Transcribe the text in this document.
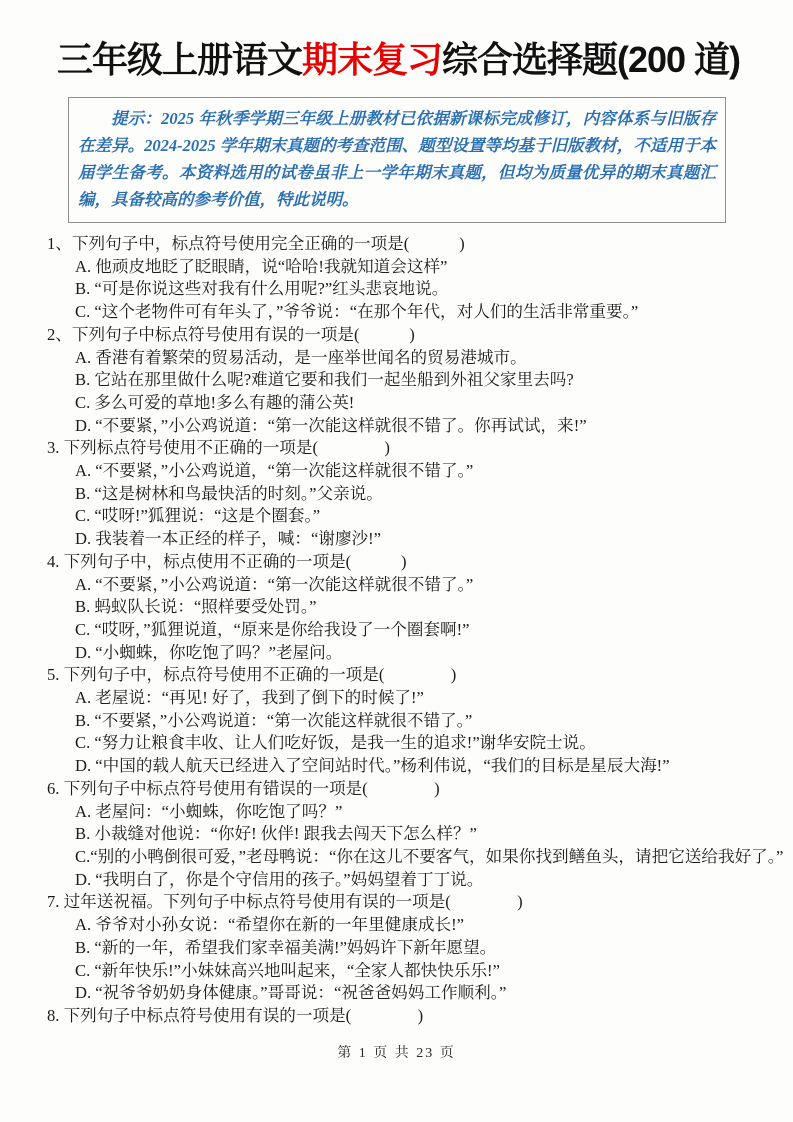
三年级上册语文期末复习综合选择题(200 道)

提示：2025 年秋季学期三年级上册教材已依据新课标完成修订，内容体系与旧版存在差异。2024-2025 学年期末真题的考查范围、题型设置等均基于旧版教材，不适用于本届学生备考。本资料选用的试卷虽非上一学年期末真题，但均为质量优异的期末真题汇编，具备较高的参考价值，特此说明。

1、下列句子中，标点符号使用完全正确的一项是(　　　)

A. 他顽皮地眨了眨眼睛，说“哈哈!我就知道会这样”

B. “可是你说这些对我有什么用呢?”红头悲哀地说。

C. “这个老物件可有年头了，”爷爷说：“在那个年代，对人们的生活非常重要。”

2、下列句子中标点符号使用有误的一项是(　　　)

A. 香港有着繁荣的贸易活动，是一座举世闻名的贸易港城市。

B. 它站在那里做什么呢?难道它要和我们一起坐船到外祖父家里去吗?

C. 多么可爱的草地!多么有趣的蒲公英!

D. “不要紧，”小公鸡说道：“第一次能这样就很不错了。你再试试，来!”

3. 下列标点符号使用不正确的一项是(　　　　)

A. “不要紧，”小公鸡说道，“第一次能这样就很不错了。”

B. “这是树林和鸟最快活的时刻。”父亲说。

C. “哎呀!”狐狸说：“这是个圈套。”

D. 我装着一本正经的样子，喊：“谢廖沙!”

4. 下列句子中，标点使用不正确的一项是(　　　)

A. “不要紧，”小公鸡说道：“第一次能这样就很不错了。”

B. 蚂蚁队长说：“照样要受处罚。”

C. “哎呀，”狐狸说道，“原来是你给我设了一个圈套啊!”

D. “小蜘蛛，你吃饱了吗？”老屋问。

5. 下列句子中，标点符号使用不正确的一项是(　　　　)

A. 老屋说：“再见! 好了，我到了倒下的时候了!”

B. “不要紧，”小公鸡说道：“第一次能这样就很不错了。”

C. “努力让粮食丰收、让人们吃好饭，是我一生的追求!”谢华安院士说。

D. “中国的载人航天已经进入了空间站时代。”杨利伟说，“我们的目标是星辰大海!”

6. 下列句子中标点符号使用有错误的一项是(　　　　)

A. 老屋问：“小蜘蛛，你吃饱了吗？”

B. 小裁缝对他说：“你好! 伙伴! 跟我去闯天下怎么样？”

C.“别的小鸭倒很可爱，”老母鸭说：“你在这儿不要客气，如果你找到鳝鱼头，请把它送给我好了。”

D. “我明白了，你是个守信用的孩子。”妈妈望着丁丁说。

7. 过年送祝福。下列句子中标点符号使用有误的一项是(　　　　)

A. 爷爷对小孙女说：“希望你在新的一年里健康成长!”

B. “新的一年，希望我们家幸福美满!”妈妈许下新年愿望。

C. “新年快乐!”小妹妹高兴地叫起来，“全家人都快快乐乐!”

D. “祝爷爷奶奶身体健康。”哥哥说：“祝爸爸妈妈工作顺利。”

8. 下列句子中标点符号使用有误的一项是(　　　　)

第 1 页 共 23 页
